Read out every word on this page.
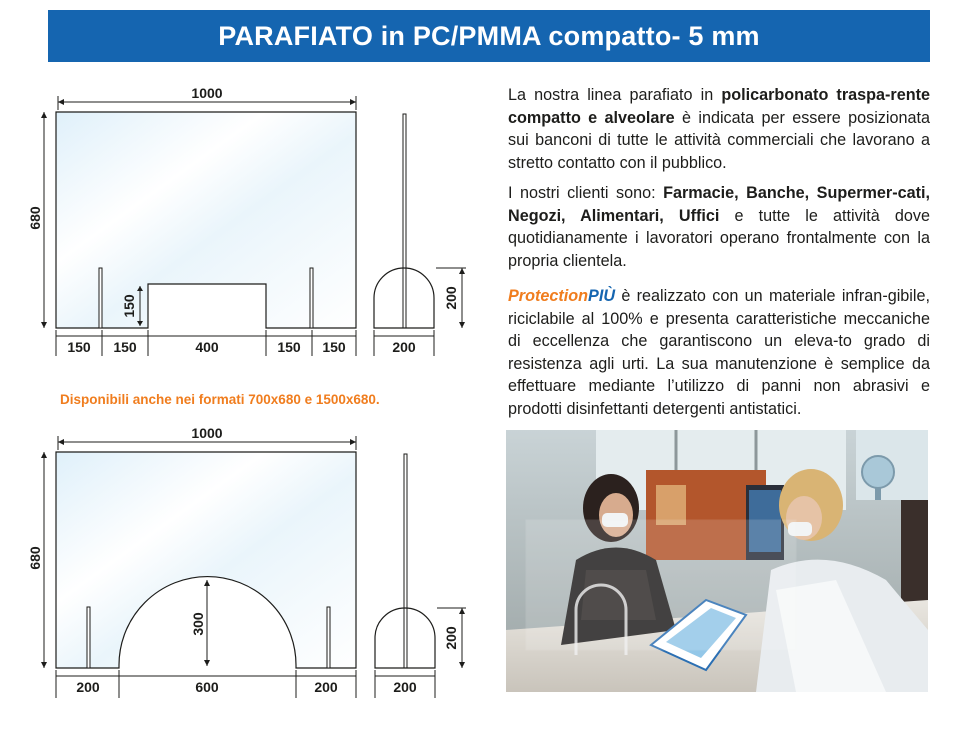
PARAFIATO in PC/PMMA compatto- 5 mm
1000
680
150
150 150	400	150 150	200
200
Disponibili anche nei formati 700x680 e 1500x680.
1000
680
300
200	600	200	200
200

La nostra linea parafiato in policarbonato traspa-rente compatto e alveolare è indicata per essere posizionata sui banconi di tutte le attività commerciali che lavorano a stretto contatto con il pubblico.

I nostri clienti sono: Farmacie, Banche, Supermer-cati, Negozi, Alimentari, Uffici e tutte le attività dove quotidianamente i lavoratori operano frontalmente con la propria clientela.

ProtectionPIÙ è realizzato con un materiale infran-gibile, riciclabile al 100% e presenta caratteristiche meccaniche di eccellenza che garantiscono un eleva-to grado di resistenza agli urti. La sua manutenzione è semplice da effettuare mediante l’utilizzo di panni non abrasivi e prodotti disinfettanti detergenti antistatici.
